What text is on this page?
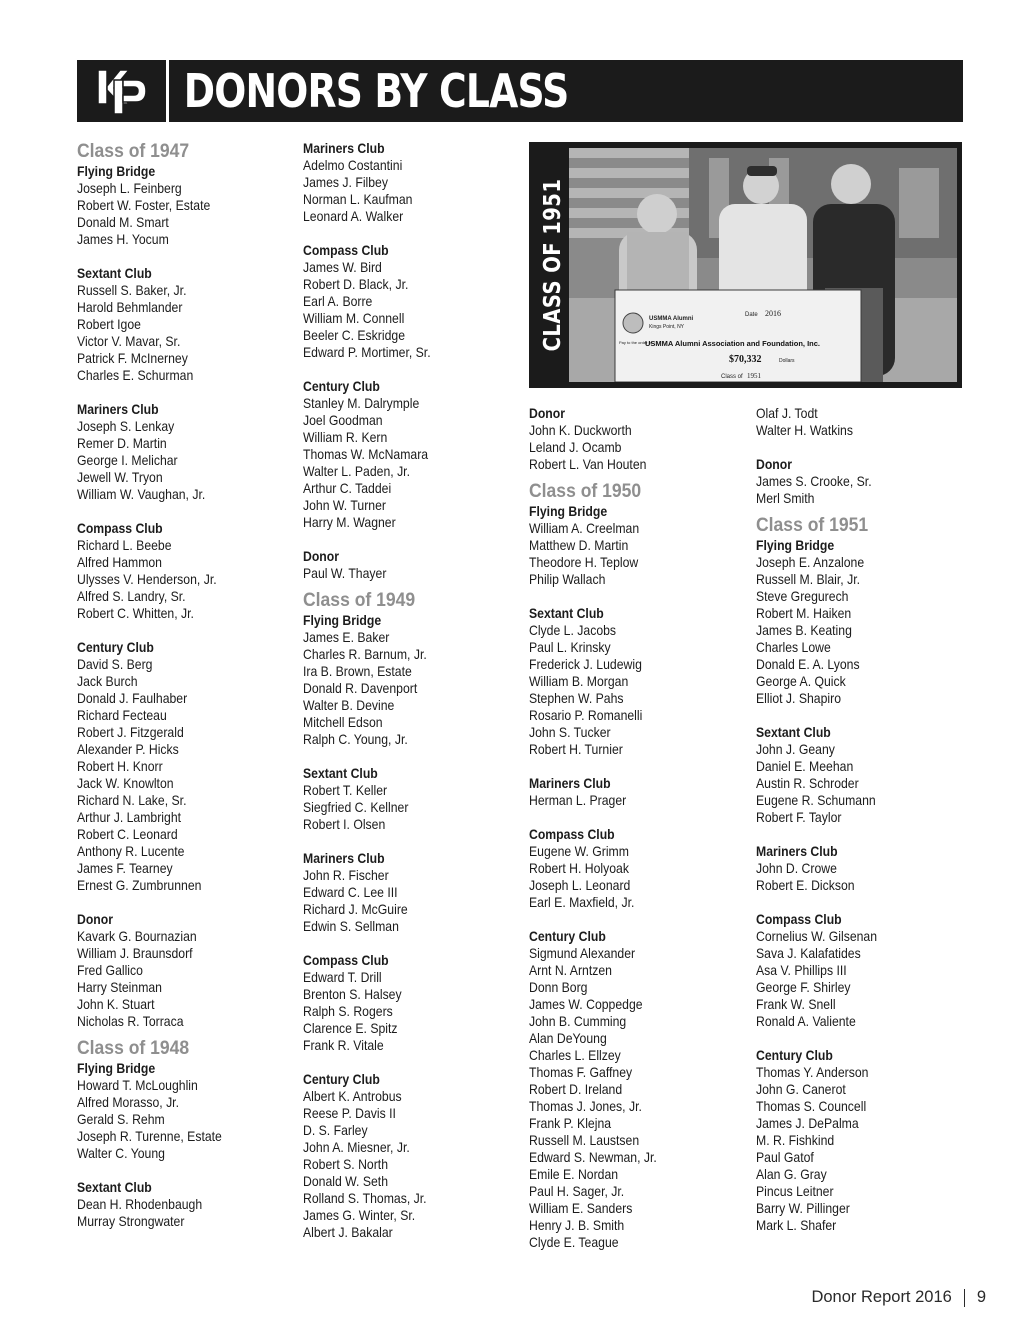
KP	DONORS BY CLASS
Class of 1947
Flying Bridge
Joseph L. Feinberg
Robert W. Foster, Estate
Donald M. Smart
James H. Yocum
Sextant Club
Russell S. Baker, Jr.
Harold Behmlander
Robert Igoe
Victor V. Mavar, Sr.
Patrick F. McInerney
Charles E. Schurman
Mariners Club
Joseph S. Lenkay
Remer D. Martin
George I. Melichar
Jewell W. Tryon
William W. Vaughan, Jr.
Compass Club
Richard L. Beebe
Alfred Hammon
Ulysses V. Henderson, Jr.
Alfred S. Landry, Sr.
Robert C. Whitten, Jr.
Century Club
David S. Berg
Jack Burch
Donald J. Faulhaber
Richard Fecteau
Robert J. Fitzgerald
Alexander P. Hicks
Robert H. Knorr
Jack W. Knowlton
Richard N. Lake, Sr.
Arthur J. Lambright
Robert C. Leonard
Anthony R. Lucente
James F. Tearney
Ernest G. Zumbrunnen
Donor
Kavark G. Bournazian
William J. Braunsdorf
Fred Gallico
Harry Steinman
John K. Stuart
Nicholas R. Torraca
Class of 1948
Flying Bridge
Howard T. McLoughlin
Alfred Morasso, Jr.
Gerald S. Rehm
Joseph R. Turenne, Estate
Walter C. Young
Sextant Club
Dean H. Rhodenbaugh
Murray Strongwater
Mariners Club
Adelmo Costantini
James J. Filbey
Norman L. Kaufman
Leonard A. Walker
Compass Club
James W. Bird
Robert D. Black, Jr.
Earl A. Borre
William M. Connell
Beeler C. Eskridge
Edward P. Mortimer, Sr.
Century Club
Stanley M. Dalrymple
Joel Goodman
William R. Kern
Thomas W. McNamara
Walter L. Paden, Jr.
Arthur C. Taddei
John W. Turner
Harry M. Wagner
Donor
Paul W. Thayer
Class of 1949
Flying Bridge
James E. Baker
Charles R. Barnum, Jr.
Ira B. Brown, Estate
Donald R. Davenport
Walter B. Devine
Mitchell Edson
Ralph C. Young, Jr.
Sextant Club
Robert T. Keller
Siegfried C. Kellner
Robert I. Olsen
Mariners Club
John R. Fischer
Edward C. Lee III
Richard J. McGuire
Edwin S. Sellman
Compass Club
Edward T. Drill
Brenton S. Halsey
Ralph S. Rogers
Clarence E. Spitz
Frank R. Vitale
Century Club
Albert K. Antrobus
Reese P. Davis II
D. S. Farley
John A. Miesner, Jr.
Robert S. North
Donald W. Seth
Rolland S. Thomas, Jr.
James G. Winter, Sr.
Albert J. Bakalar
CLASS OF 1951	USMMA Alumni
Kings Point, NY
Date 2016
Pay to the order of:
USMMA Alumni Association and Foundation, Inc.
$70,332	Dollars
Class of 1951
Donor
John K. Duckworth
Leland J. Ocamb
Robert L. Van Houten
Class of 1950
Flying Bridge
William A. Creelman
Matthew D. Martin
Theodore H. Teplow
Philip Wallach
Sextant Club
Clyde L. Jacobs
Paul L. Krinsky
Frederick J. Ludewig
William B. Morgan
Stephen W. Pahs
Rosario P. Romanelli
John S. Tucker
Robert H. Turnier
Mariners Club
Herman L. Prager
Compass Club
Eugene W. Grimm
Robert H. Holyoak
Joseph L. Leonard
Earl E. Maxfield, Jr.
Century Club
Sigmund Alexander
Arnt N. Arntzen
Donn Borg
James W. Coppedge
John B. Cumming
Alan DeYoung
Charles L. Ellzey
Thomas F. Gaffney
Robert D. Ireland
Thomas J. Jones, Jr.
Frank P. Klejna
Russell M. Laustsen
Edward S. Newman, Jr.
Emile E. Nordan
Paul H. Sager, Jr.
William E. Sanders
Henry J. B. Smith
Clyde E. Teague
Olaf J. Todt
Walter H. Watkins
Donor
James S. Crooke, Sr.
Merl Smith
Class of 1951
Flying Bridge
Joseph E. Anzalone
Russell M. Blair, Jr.
Steve Gregurech
Robert M. Haiken
James B. Keating
Charles Lowe
Donald E. A. Lyons
George A. Quick
Elliot J. Shapiro
Sextant Club
John J. Geany
Daniel E. Meehan
Austin R. Schroder
Eugene R. Schumann
Robert F. Taylor
Mariners Club
John D. Crowe
Robert E. Dickson
Compass Club
Cornelius W. Gilsenan
Sava J. Kalafatides
Asa V. Phillips III
George F. Shirley
Frank W. Snell
Ronald A. Valiente
Century Club
Thomas Y. Anderson
John G. Canerot
Thomas S. Councell
James J. DePalma
M. R. Fishkind
Paul Gatof
Alan G. Gray
Pincus Leitner
Barry W. Pillinger
Mark L. Shafer
Donor Report 2016 9
